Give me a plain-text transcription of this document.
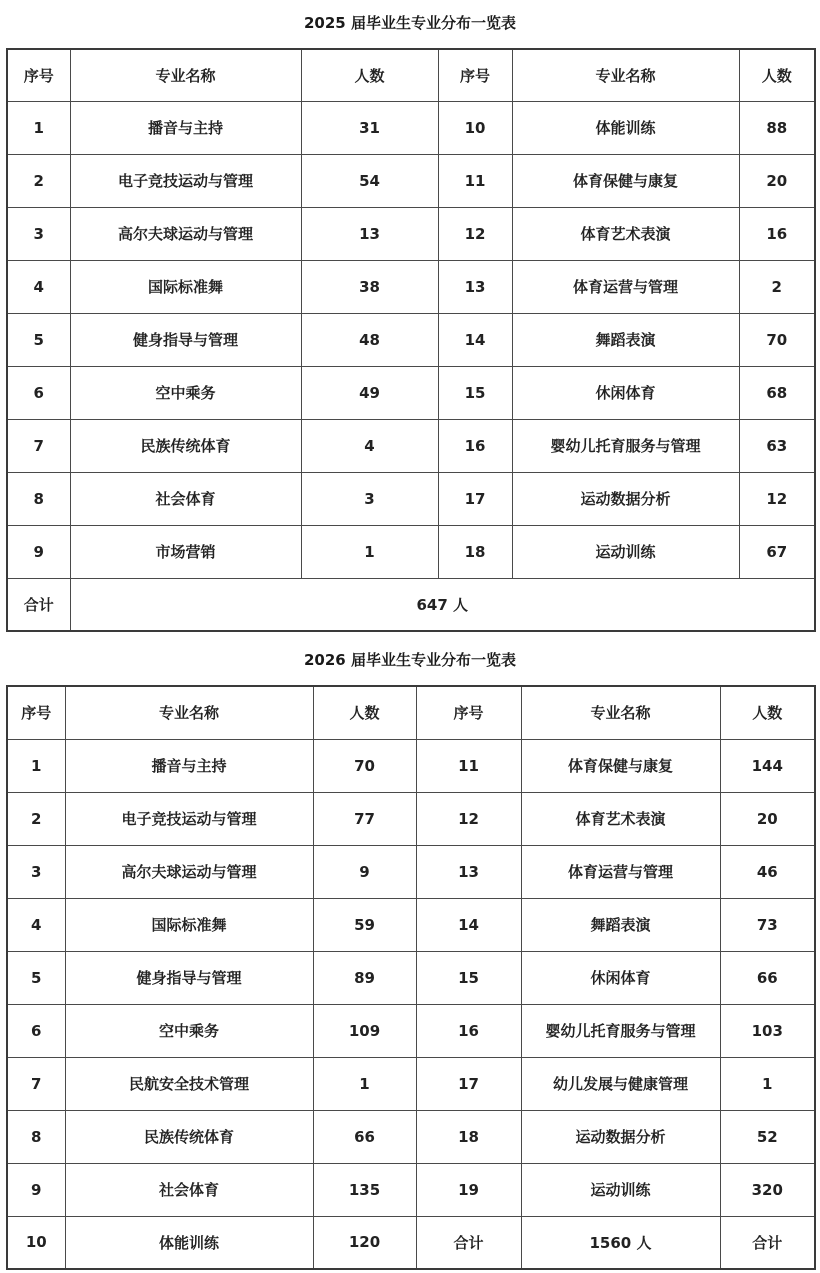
2025 届毕业生专业分布一览表
序号	专业名称	人数	序号	专业名称	人数
1	播音与主持	31	10	体能训练	88
2	电子竞技运动与管理	54	11	体育保健与康复	20
3	高尔夫球运动与管理	13	12	体育艺术表演	16
4	国际标准舞	38	13	体育运营与管理	2
5	健身指导与管理	48	14	舞蹈表演	70
6	空中乘务	49	15	休闲体育	68
7	民族传统体育	4	16	婴幼儿托育服务与管理	63
8	社会体育	3	17	运动数据分析	12
9	市场营销	1	18	运动训练	67
合计	647 人				
2026 届毕业生专业分布一览表
序号	专业名称	人数	序号	专业名称	人数
1	播音与主持	70	11	体育保健与康复	144
2	电子竞技运动与管理	77	12	体育艺术表演	20
3	高尔夫球运动与管理	9	13	体育运营与管理	46
4	国际标准舞	59	14	舞蹈表演	73
5	健身指导与管理	89	15	休闲体育	66
6	空中乘务	109	16	婴幼儿托育服务与管理	103
7	民航安全技术管理	1	17	幼儿发展与健康管理	1
8	民族传统体育	66	18	运动数据分析	52
9	社会体育	135	19	运动训练	320
10	体能训练	120	合计	1560 人	合计
